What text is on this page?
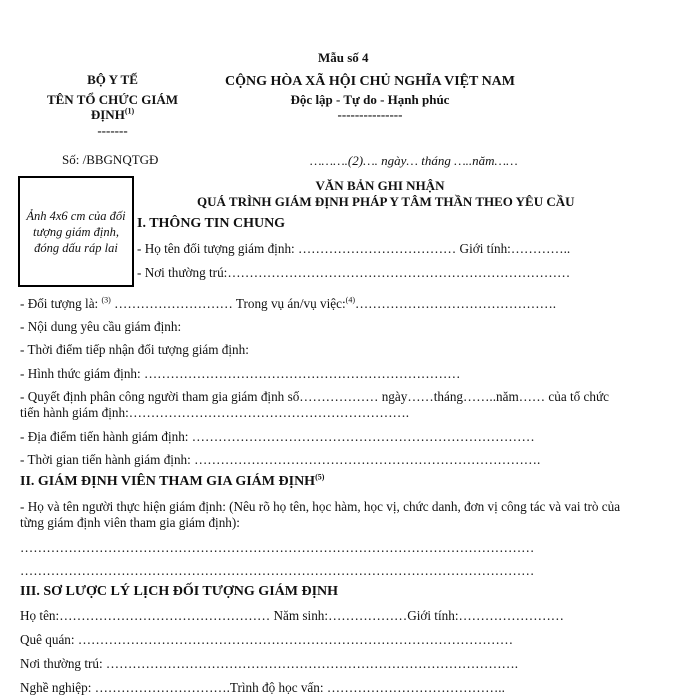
Mẫu số 4
BỘ Y TẾ
TÊN TỔ CHỨC GIÁM
ĐỊNH$^{(1)}$
-------
Số: /BBGNQTGĐ
CỘNG HÒA XÃ HỘI CHỦ NGHĨA VIỆT NAM
Độc lập - Tự do - Hạnh phúc
---------------
……….(2)…. ngày… tháng …..năm……
Ảnh 4x6 cm của đối tượng giám định, đóng dấu ráp lai
VĂN BẢN GHI NHẬN
QUÁ TRÌNH GIÁM ĐỊNH PHÁP Y TÂM THẦN THEO YÊU CẦU
I. THÔNG TIN CHUNG
- Họ tên đối tượng giám định: ……………………………… Giới tính:…………..
- Nơi thường trú:……………………………………………………………………
- Đối tượng là: $^{(3)}$ ……………………… Trong vụ án/vụ việc:$^{(4)}$……………………………………….
- Nội dung yêu cầu giám định:
- Thời điểm tiếp nhận đối tượng giám định:
- Hình thức giám định: ………………………………………………………………
- Quyết định phân công người tham gia giám định số……………… ngày……tháng……..năm…… của tổ chức
tiến hành giám định:……………………………………………………….
- Địa điểm tiến hành giám định: ……………………………………………………………………
- Thời gian tiến hành giám định: …………………………………………………………………….
II. GIÁM ĐỊNH VIÊN THAM GIA GIÁM ĐỊNH$^{(5)}$
- Họ và tên người thực hiện giám định: (Nêu rõ họ tên, học hàm, học vị, chức danh, đơn vị công tác và vai trò của
từng giám định viên tham gia giám định):
………………………………………………………………………………………………………
………………………………………………………………………………………………………
III. SƠ LƯỢC LÝ LỊCH ĐỐI TƯỢNG GIÁM ĐỊNH
Họ tên:………………………………………… Năm sinh:………………Giới tính:……………………
Quê quán: ………………………………………………………………………………………
Nơi thường trú: ………………………………………………………………………………….
Nghề nghiệp: ………………………….Trình độ học vấn: …………………………………..
